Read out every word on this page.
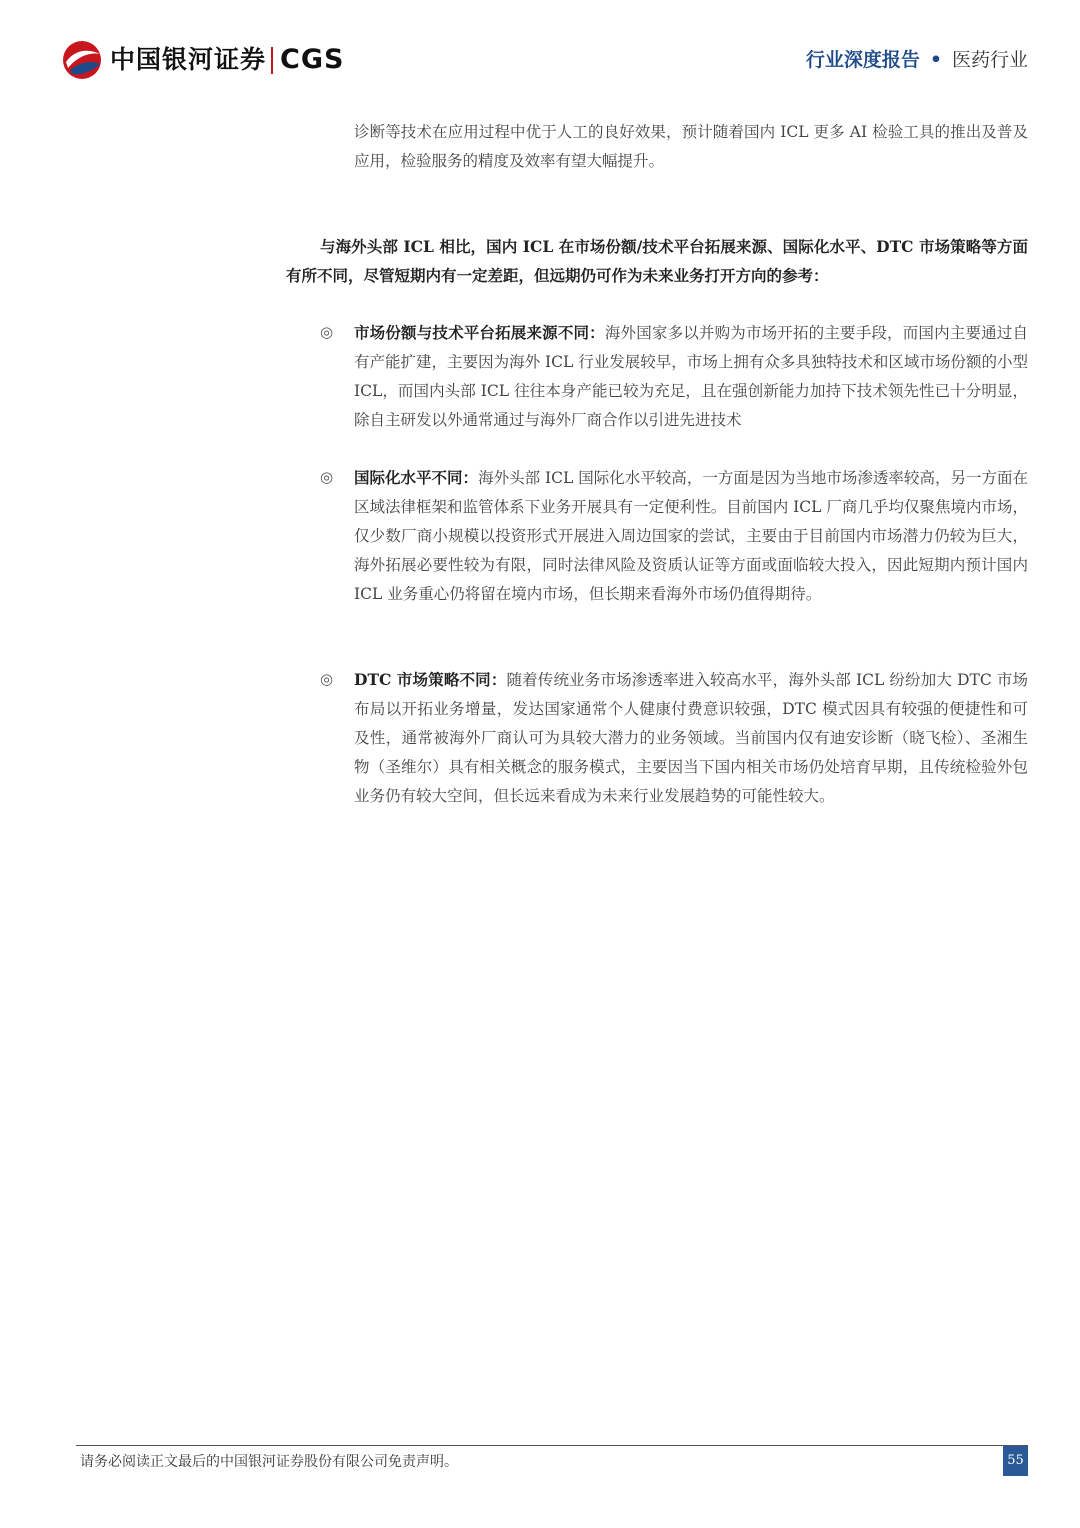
中国银河证券 CGS	行业深度报告 • 医药行业

诊断等技术在应用过程中优于人工的良好效果，预计随着国内 ICL 更多 AI 检验工具的推出及普及应用，检验服务的精度及效率有望大幅提升。

与海外头部 ICL 相比，国内 ICL 在市场份额/技术平台拓展来源、国际化水平、DTC 市场策略等方面有所不同，尽管短期内有一定差距，但远期仍可作为未来业务打开方向的参考：

◎ 市场份额与技术平台拓展来源不同：海外国家多以并购为市场开拓的主要手段，而国内主要通过自有产能扩建，主要因为海外 ICL 行业发展较早，市场上拥有众多具独特技术和区域市场份额的小型 ICL，而国内头部 ICL 往往本身产能已较为充足，且在强创新能力加持下技术领先性已十分明显，除自主研发以外通常通过与海外厂商合作以引进先进技术
◎ 国际化水平不同：海外头部 ICL 国际化水平较高，一方面是因为当地市场渗透率较高，另一方面在区域法律框架和监管体系下业务开展具有一定便利性。目前国内 ICL 厂商几乎均仅聚焦境内市场，仅少数厂商小规模以投资形式开展进入周边国家的尝试，主要由于目前国内市场潜力仍较为巨大，海外拓展必要性较为有限，同时法律风险及资质认证等方面或面临较大投入，因此短期内预计国内 ICL 业务重心仍将留在境内市场，但长期来看海外市场仍值得期待。
◎ DTC 市场策略不同：随着传统业务市场渗透率进入较高水平，海外头部 ICL 纷纷加大 DTC 市场布局以开拓业务增量，发达国家通常个人健康付费意识较强，DTC 模式因具有较强的便捷性和可及性，通常被海外厂商认可为具较大潜力的业务领域。当前国内仅有迪安诊断（晓飞检）、圣湘生物（圣维尔）具有相关概念的服务模式，主要因当下国内相关市场仍处培育早期，且传统检验外包业务仍有较大空间，但长远来看成为未来行业发展趋势的可能性较大。
请务必阅读正文最后的中国银河证券股份有限公司免责声明。	55
